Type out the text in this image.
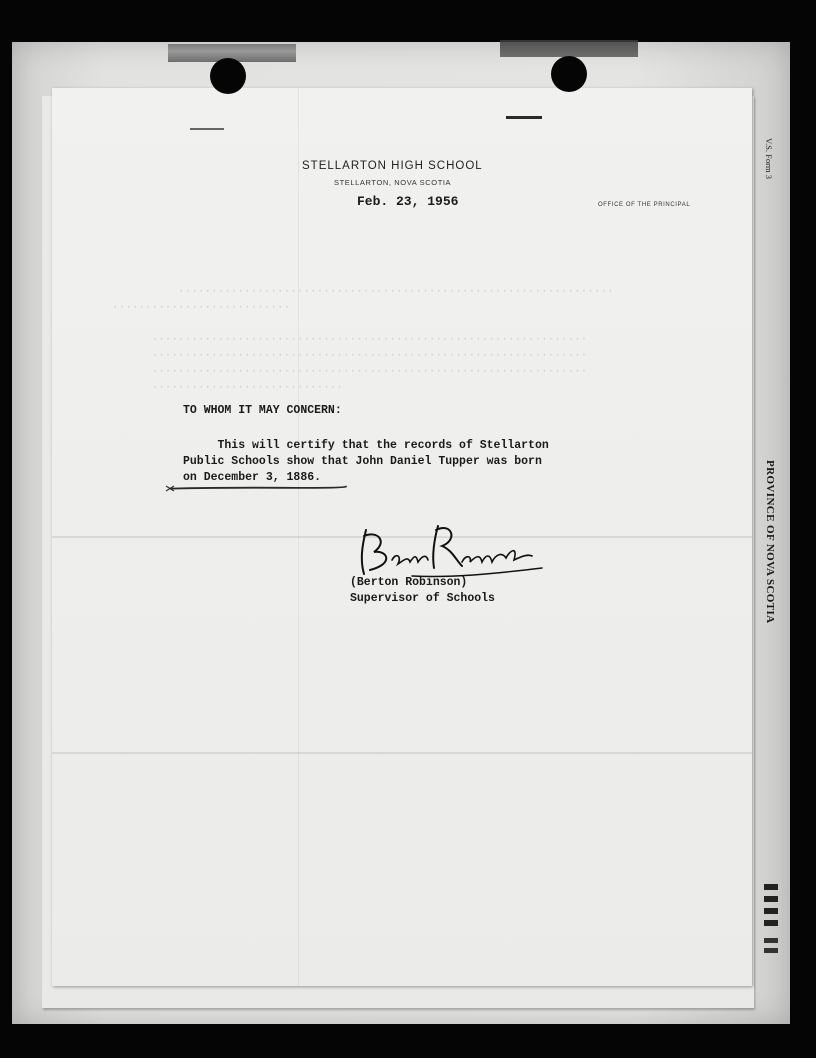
··································································
···························

··································································
··································································
··································································
·····························
STELLARTON HIGH SCHOOL
STELLARTON, NOVA SCOTIA
Feb. 23, 1956	OFFICE OF THE PRINCIPAL
TO WHOM IT MAY CONCERN:
This will certify that the records of Stellarton
Public Schools show that John Daniel Tupper was born
on December 3, 1886.
(Berton Robinson)
Supervisor of Schools
V.S. Form 3
PROVINCE OF NOVA SCOTIA
